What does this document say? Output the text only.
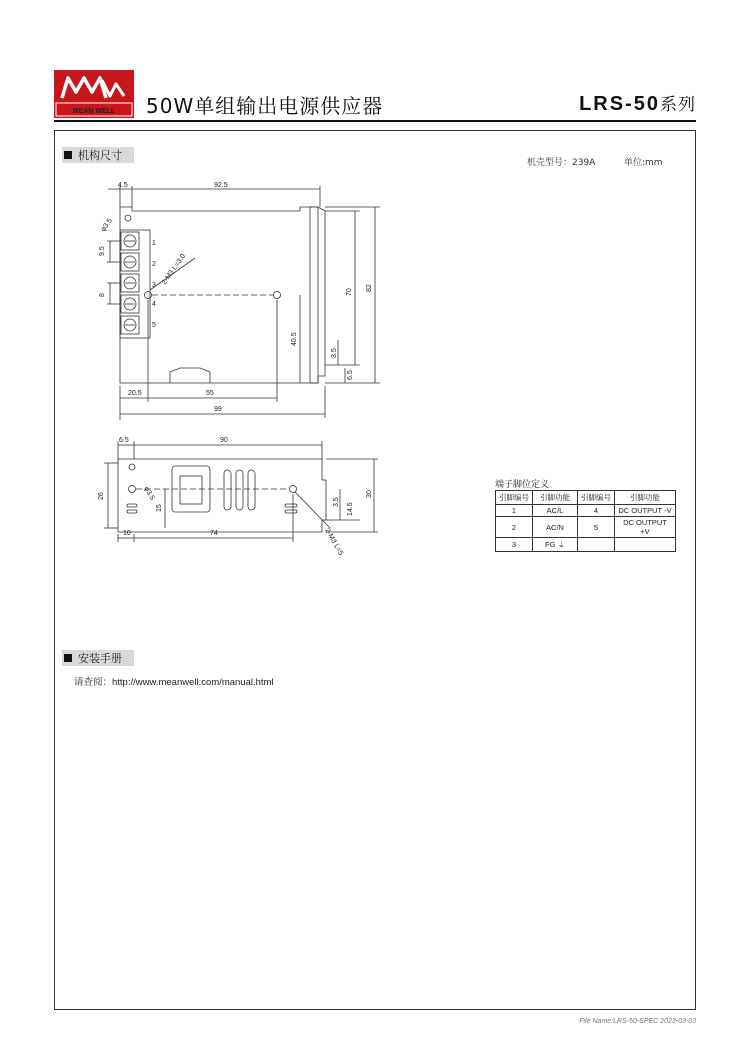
MEAN WELL 50W单组输出电源供应器	LRS-50系列
机构尺寸
安装手册
机壳型号：239A	单位:mm
4.5	92.5
9.5
8	70
82
40.5
3.5
6.5
20.5	55
99
φ3.5
2-M3 L=3.0
1
2
3
4
5
6.5	90
26
15
30
3.5
14.5
10	74
φ3.5
2-M3 L=5
端子脚位定义
引脚编号	引脚功能	引脚编号	引脚功能
1	AC/L	4	DC OUTPUT -V
2	AC/N	5	DC OUTPUT +V
3	FG ⏚		
请查阅：http://www.meanwell.com/manual.html
File Name:LRS-50-SPEC 2023-03-03
